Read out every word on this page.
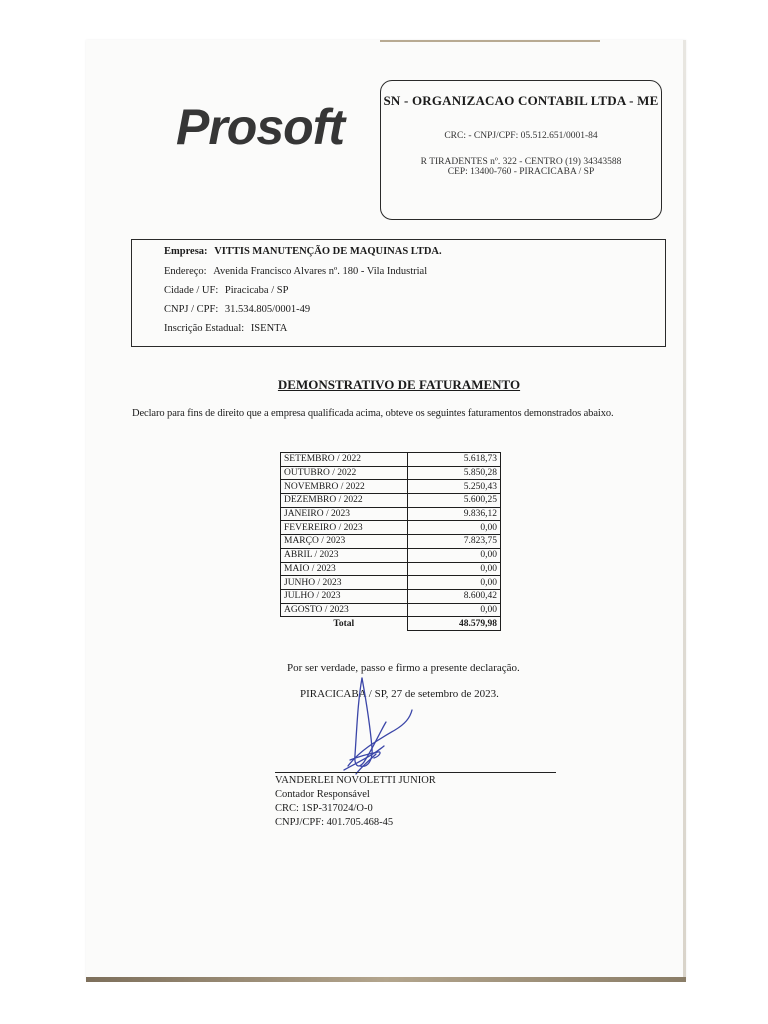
Prosoft	SN - ORGANIZACAO CONTABIL LTDA - ME
CRC: - CNPJ/CPF: 05.512.651/0001-84
R TIRADENTES nº. 322 - CENTRO (19) 34343588
CEP: 13400-760 - PIRACICABA / SP
Empresa: VITTIS MANUTENÇÃO DE MAQUINAS LTDA.
Endereço: Avenida Francisco Alvares nº. 180 - Vila Industrial
Cidade / UF: Piracicaba / SP
CNPJ / CPF: 31.534.805/0001-49
Inscrição Estadual: ISENTA
DEMONSTRATIVO DE FATURAMENTO
Declaro para fins de direito que a empresa qualificada acima, obteve os seguintes faturamentos demonstrados abaixo.
SETEMBRO / 2022	5.618,73
OUTUBRO / 2022	5.850,28
NOVEMBRO / 2022	5.250,43
DEZEMBRO / 2022	5.600,25
JANEIRO / 2023	9.836,12
FEVEREIRO / 2023	0,00
MARÇO / 2023	7.823,75
ABRIL / 2023	0,00
MAIO / 2023	0,00
JUNHO / 2023	0,00
JULHO / 2023	8.600,42
AGOSTO / 2023	0,00
Total	48.579,98
Por ser verdade, passo e firmo a presente declaração.
PIRACICABA / SP, 27 de setembro de 2023.
VANDERLEI NOVOLETTI JUNIOR
Contador Responsável
CRC: 1SP-317024/O-0
CNPJ/CPF: 401.705.468-45
